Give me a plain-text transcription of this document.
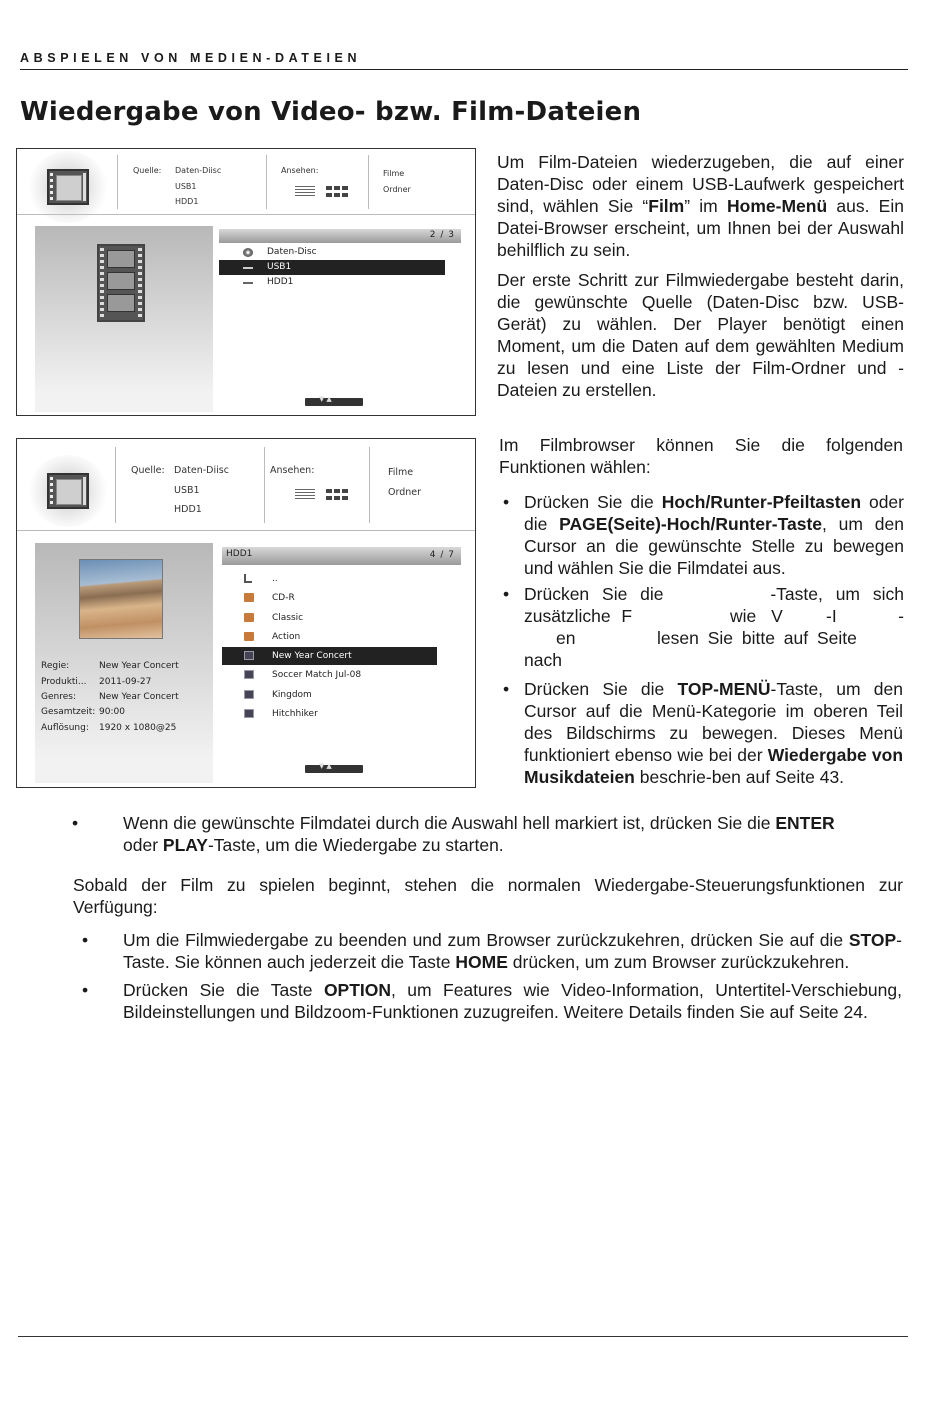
ABSPIELEN VON MEDIEN-DATEIEN
Wiedergabe von Video- bzw. Film-Dateien
Quelle: Daten-Diisc
USB1
HDD1
Ansehen:	Filme
Ordner
2 / 3
Daten-Disc
USB1
HDD1
▼▲
Quelle: Daten-Diisc
USB1
HDD1
Ansehen:	Filme
Ordner
Regie:	New Year Concert
Produkti... 2011-09-27
Genres:	New Year Concert
Gesamtzeit: 90:00
Auflösung: 1920 x 1080@25
HDD1	4 / 7
..
CD-R
Classic
Action
New Year Concert
Soccer Match Jul-08
Kingdom
Hitchhiker
▼▲
Um Film-Dateien wiederzugeben, die auf einer Daten-Disc oder einem USB-Laufwerk gespeichert sind, wählen Sie “Film” im Home-Menü aus. Ein Datei-Browser erscheint, um Ihnen bei der Auswahl behilflich zu sein.
Der erste Schritt zur Filmwiedergabe besteht darin, die gewünschte Quelle (Daten-Disc bzw. USB-Gerät) zu wählen. Der Player benötigt einen Moment, um die Daten auf dem gewählten Medium zu lesen und eine Liste der Film-Ordner und -Dateien zu erstellen.
Im Filmbrowser können Sie die folgenden Funktionen wählen:
• Drücken Sie die Hoch/Runter-Pfeiltasten oder die PAGE(Seite)-Hoch/Runter-Taste, um den Cursor an die gewünschte Stelle zu bewegen und wählen Sie die Filmdatei aus.
• Drücken Sie die	-Taste, um sich
zusätzliche F	wie V -I	-
en	lesen Sie bitte auf Seite
nach
• Drücken Sie die TOP-MENÜ-Taste, um den Cursor auf die Menü-Kategorie im oberen Teil des Bildschirms zu bewegen. Dieses Menü funktioniert ebenso wie bei der Wiedergabe von Musikdateien beschrie-ben auf Seite 43.
•	Wenn die gewünschte Filmdatei durch die Auswahl hell markiert ist, drücken Sie die ENTER oder PLAY-Taste, um die Wiedergabe zu starten.
Sobald der Film zu spielen beginnt, stehen die normalen Wiedergabe-Steuerungsfunktionen zur Verfügung:
• Um die Filmwiedergabe zu beenden und zum Browser zurückzukehren, drücken Sie auf die STOP-Taste. Sie können auch jederzeit die Taste HOME drücken, um zum Browser zurückzukehren.
• Drücken Sie die Taste OPTION, um Features wie Video-Information, Untertitel-Verschiebung, Bildeinstellungen und Bildzoom-Funktionen zuzugreifen. Weitere Details finden Sie auf Seite 24.
